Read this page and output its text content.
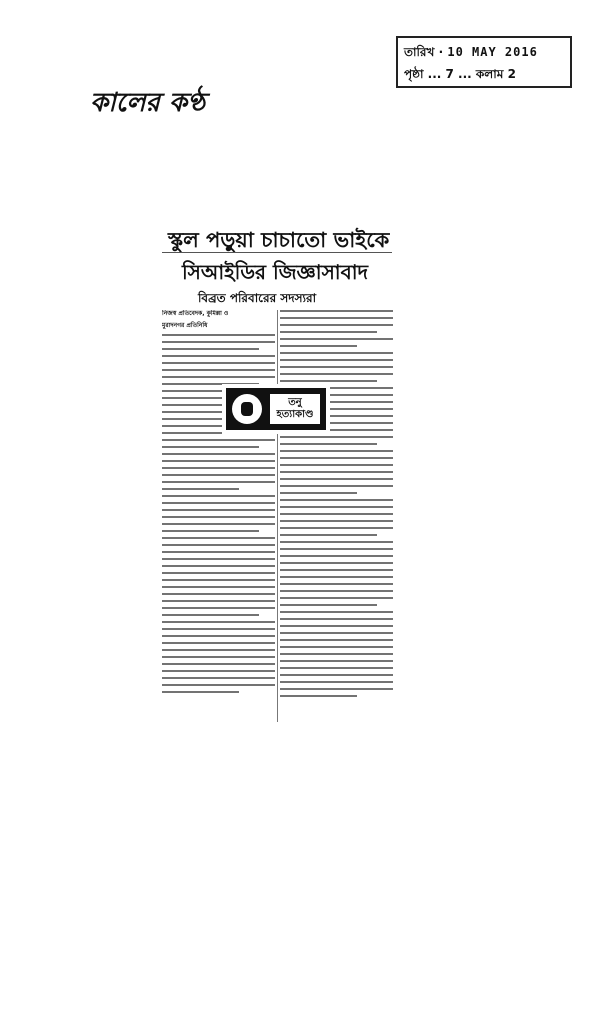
তারিখ · 10 MAY 2016
পৃষ্ঠা ... 7 ... কলাম 2
কালের কণ্ঠ
স্কুল পড়ুয়া চাচাতো ভাইকে
সিআইডির জিজ্ঞাসাবাদ
বিব্রত পরিবারের সদস্যরা
নিজস্ব প্রতিবেদক, কুমিল্লা ও
মুরাদনগর প্রতিনিধি
তনু
হত্যাকাণ্ড
